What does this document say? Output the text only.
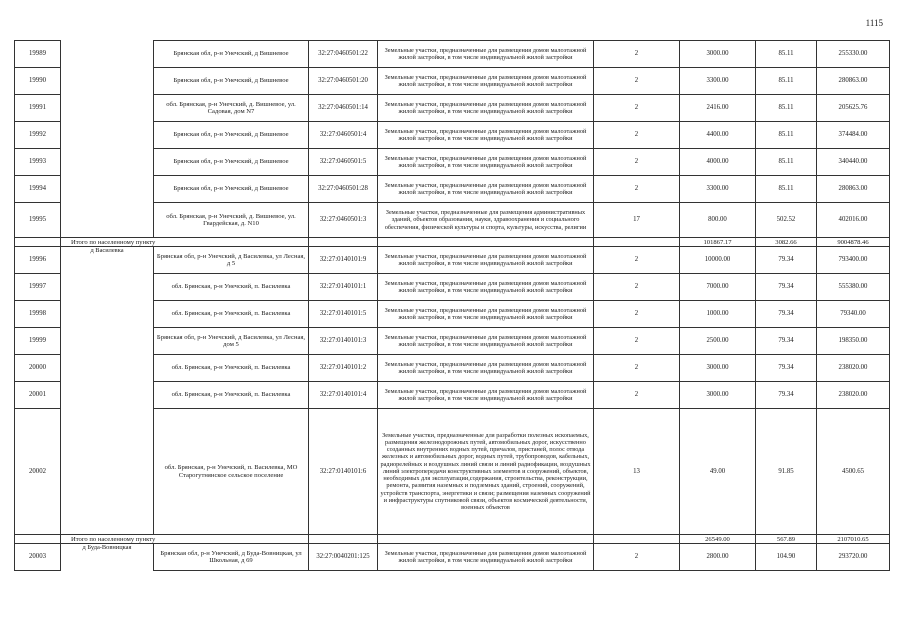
1115
19989		Брянская обл, р-н Унечский, д Вишневое	32:27:0460501:22	Земельные участки, предназначенные для размещения домов малоэтажной жилой застройки, в том числе индивидуальной жилой застройки	2	3000.00	85.11	255330.00
19990		Брянская обл, р-н Унечский, д Вишневое	32:27:0460501:20	Земельные участки, предназначенные для размещения домов малоэтажной жилой застройки, в том числе индивидуальной жилой застройки	2	3300.00	85.11	280863.00
19991		обл. Брянская, р-н Унечский, д. Вишневое, ул. Садовая, дом N7	32:27:0460501:14	Земельные участки, предназначенные для размещения домов малоэтажной жилой застройки, в том числе индивидуальной жилой застройки	2	2416.00	85.11	205625.76
19992		Брянская обл, р-н Унечский, д Вишневое	32:27:0460501:4	Земельные участки, предназначенные для размещения домов малоэтажной жилой застройки, в том числе индивидуальной жилой застройки	2	4400.00	85.11	374484.00
19993		Брянская обл, р-н Унечский, д Вишневое	32:27:0460501:5	Земельные участки, предназначенные для размещения домов малоэтажной жилой застройки, в том числе индивидуальной жилой застройки	2	4000.00	85.11	340440.00
19994		Брянская обл, р-н Унечский, д Вишневое	32:27:0460501:28	Земельные участки, предназначенные для размещения домов малоэтажной жилой застройки, в том числе индивидуальной жилой застройки	2	3300.00	85.11	280863.00
19995		обл. Брянская, р-н Унечский, д. Вишневое, ул. Гвардейская, д. N10	32:27:0460501:3	Земельные участки, предназначенные для размещения административных зданий, объектов образования, науки, здравоохранения и социального обеспечения, физической культуры и спорта, культуры, искусства, религии	17	800.00	502.52	402016.00
	Итого по населенному пункту					101867.17	3082.66	9004878.46
19996	д Василевка	Брянская обл, р-н Унечский, д Василевка, ул Лесная, д 5	32:27:0140101:9	Земельные участки, предназначенные для размещения домов малоэтажной жилой застройки, в том числе индивидуальной жилой застройки	2	10000.00	79.34	793400.00
19997		обл. Брянская, р-н Унечский, п. Василевка	32:27:0140101:1	Земельные участки, предназначенные для размещения домов малоэтажной жилой застройки, в том числе индивидуальной жилой застройки	2	7000.00	79.34	555380.00
19998		обл. Брянская, р-н Унечский, п. Василевка	32:27:0140101:5	Земельные участки, предназначенные для размещения домов малоэтажной жилой застройки, в том числе индивидуальной жилой застройки	2	1000.00	79.34	79340.00
19999		Брянская обл, р-н Унечский, д Василевка, ул Лесная, дом 5	32:27:0140101:3	Земельные участки, предназначенные для размещения домов малоэтажной жилой застройки, в том числе индивидуальной жилой застройки	2	2500.00	79.34	198350.00
20000		обл. Брянская, р-н Унечский, п. Василевка	32:27:0140101:2	Земельные участки, предназначенные для размещения домов малоэтажной жилой застройки, в том числе индивидуальной жилой застройки	2	3000.00	79.34	238020.00
20001		обл. Брянская, р-н Унечский, п. Василевка	32:27:0140101:4	Земельные участки, предназначенные для размещения домов малоэтажной жилой застройки, в том числе индивидуальной жилой застройки	2	3000.00	79.34	238020.00
20002		обл. Брянская, р-н Унечский, п. Василевка, МО Старогутнянское сельское поселение	32:27:0140101:6	Земельные участки, предназначенные для разработки полезных ископаемых, размещения железнодорожных путей, автомобильных дорог, искусственно созданных внутренних водных путей, причалов, пристаней, полос отвода железных и автомобильных дорог, водных путей, трубопроводов, кабельных, радиорелейных и воздушных линий связи и линий радиофикации, воздушных линий электропередачи конструктивных элементов и сооружений, объектов, необходимых для эксплуатации,содержания, строительства, реконструкции, ремонта, развития наземных и подземных зданий, строений, сооружений, устройств транспорта, энергетики и связи; размещения наземных сооружений и инфраструктуры спутниковой связи, объектов космической деятельности, военных объектов	13	49.00	91.85	4500.65
	Итого по населенному пункту					26549.00	567.89	2107010.65
20003	д Буда-Вовницкая	Брянская обл, р-н Унечский, д Буда-Вовницкая, ул Школьная, д 69	32:27:0040201:125	Земельные участки, предназначенные для размещения домов малоэтажной жилой застройки, в том числе индивидуальной жилой застройки	2	2800.00	104.90	293720.00
